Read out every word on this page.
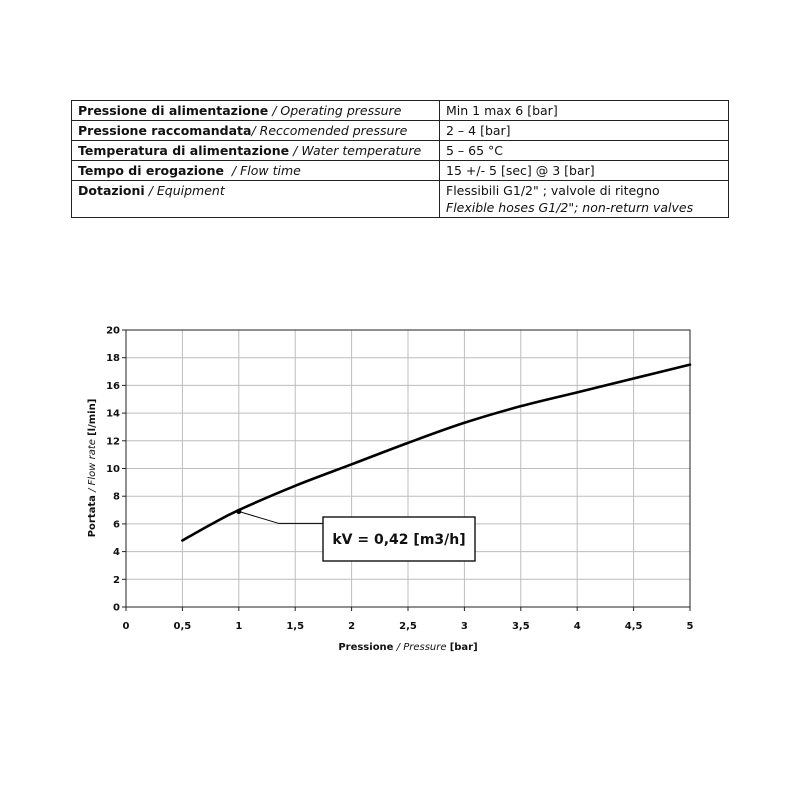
Pressione di alimentazione / Operating pressure	Min 1 max 6 [bar]

Pressione raccomandata/ Reccomended pressure	2 – 4 [bar]

Temperatura di alimentazione / Water temperature	5 – 65 °C

Tempo di erogazione  / Flow time	15 +/- 5 [sec] @ 3 [bar]

Dotazioni / Equipment	Flessibili G1/2" ; valvole di ritegno
Flexible hoses G1/2"; non-return valves
0
2
4
6
8
10
12
14
16
18
20
0	0,5	1	1,5	2	2,5	3	3,5	4	4,5	5
kV = 0,42 [m3/h]
Pressione / Pressure [bar]
Portata / Flow rate [l/min]
